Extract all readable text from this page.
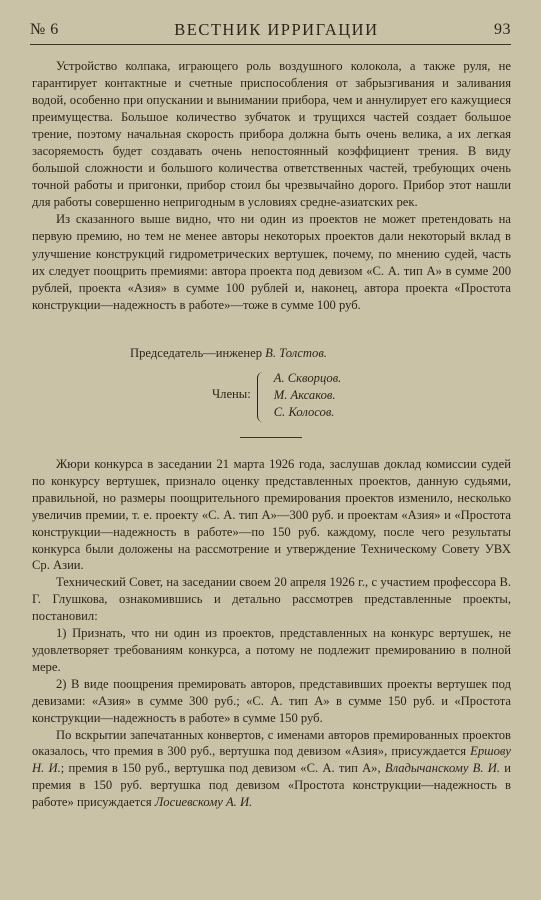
№ 6	ВЕСТНИК ИРРИГАЦИИ	93

Устройство колпака, играющего роль воздушного колокола, а также руля, не гарантирует контактные и счетные приспособления от забрызгивания и заливания водой, особенно при опускании и вынимании прибора, чем и аннулирует его кажущиеся преимущества. Большое количество зубчаток и трущихся частей создает большое трение, поэтому начальная скорость прибора должна быть очень велика, а их легкая засоряемость будет создавать очень непостоянный коэффициент трения. В виду большой сложности и большого количества ответственных частей, требующих очень точной работы и пригонки, прибор стоил бы чрезвычайно дорого. Прибор этот нашли для работы совершенно непригодным в условиях средне-азиатских рек.

Из сказанного выше видно, что ни один из проектов не может претендовать на первую премию, но тем не менее авторы некоторых проектов дали некоторый вклад в улучшение конструкций гидрометрических вертушек, почему, по мнению судей, часть их следует поощрить премиями: автора проекта под девизом «С. А. тип А» в сумме 200 рублей, проекта «Азия» в сумме 100 рублей и, наконец, автора проекта «Простота конструкции—надежность в работе»—тоже в сумме 100 руб.

Председатель—инженер В. Толстов.
Члены:
А. Скворцов.
М. Аксаков.
С. Колосов.

Жюри конкурса в заседании 21 марта 1926 года, заслушав доклад комиссии судей по конкурсу вертушек, признало оценку представленных проектов, данную судьями, правильной, но размеры поощрительного премирования проектов изменило, несколько увеличив премии, т. е. проекту «С. А. тип А»—300 руб. и проектам «Азия» и «Простота конструкции—надежность в работе»—по 150 руб. каждому, после чего результаты конкурса были доложены на рассмотрение и утверждение Техническому Совету УВХ Ср. Азии.

Технический Совет, на заседании своем 20 апреля 1926 г., с участием профессора В. Г. Глушкова, ознакомившись и детально рассмотрев представленные проекты, постановил:

1) Признать, что ни один из проектов, представленных на конкурс вертушек, не удовлетворяет требованиям конкурса, а потому не подлежит премированию в полной мере.

2) В виде поощрения премировать авторов, представивших проекты вертушек под девизами: «Азия» в сумме 300 руб.; «С. А. тип А» в сумме 150 руб. и «Простота конструкции—надежность в работе» в сумме 150 руб.

По вскрытии запечатанных конвертов, с именами авторов премированных проектов оказалось, что премия в 300 руб., вертушка под девизом «Азия», присуждается Ершову Н. И.; премия в 150 руб., вертушка под девизом «С. А. тип А», Владычанскому В. И. и премия в 150 руб. вертушка под девизом «Простота конструкции—надежность в работе» присуждается Лосиевскому А. И.
